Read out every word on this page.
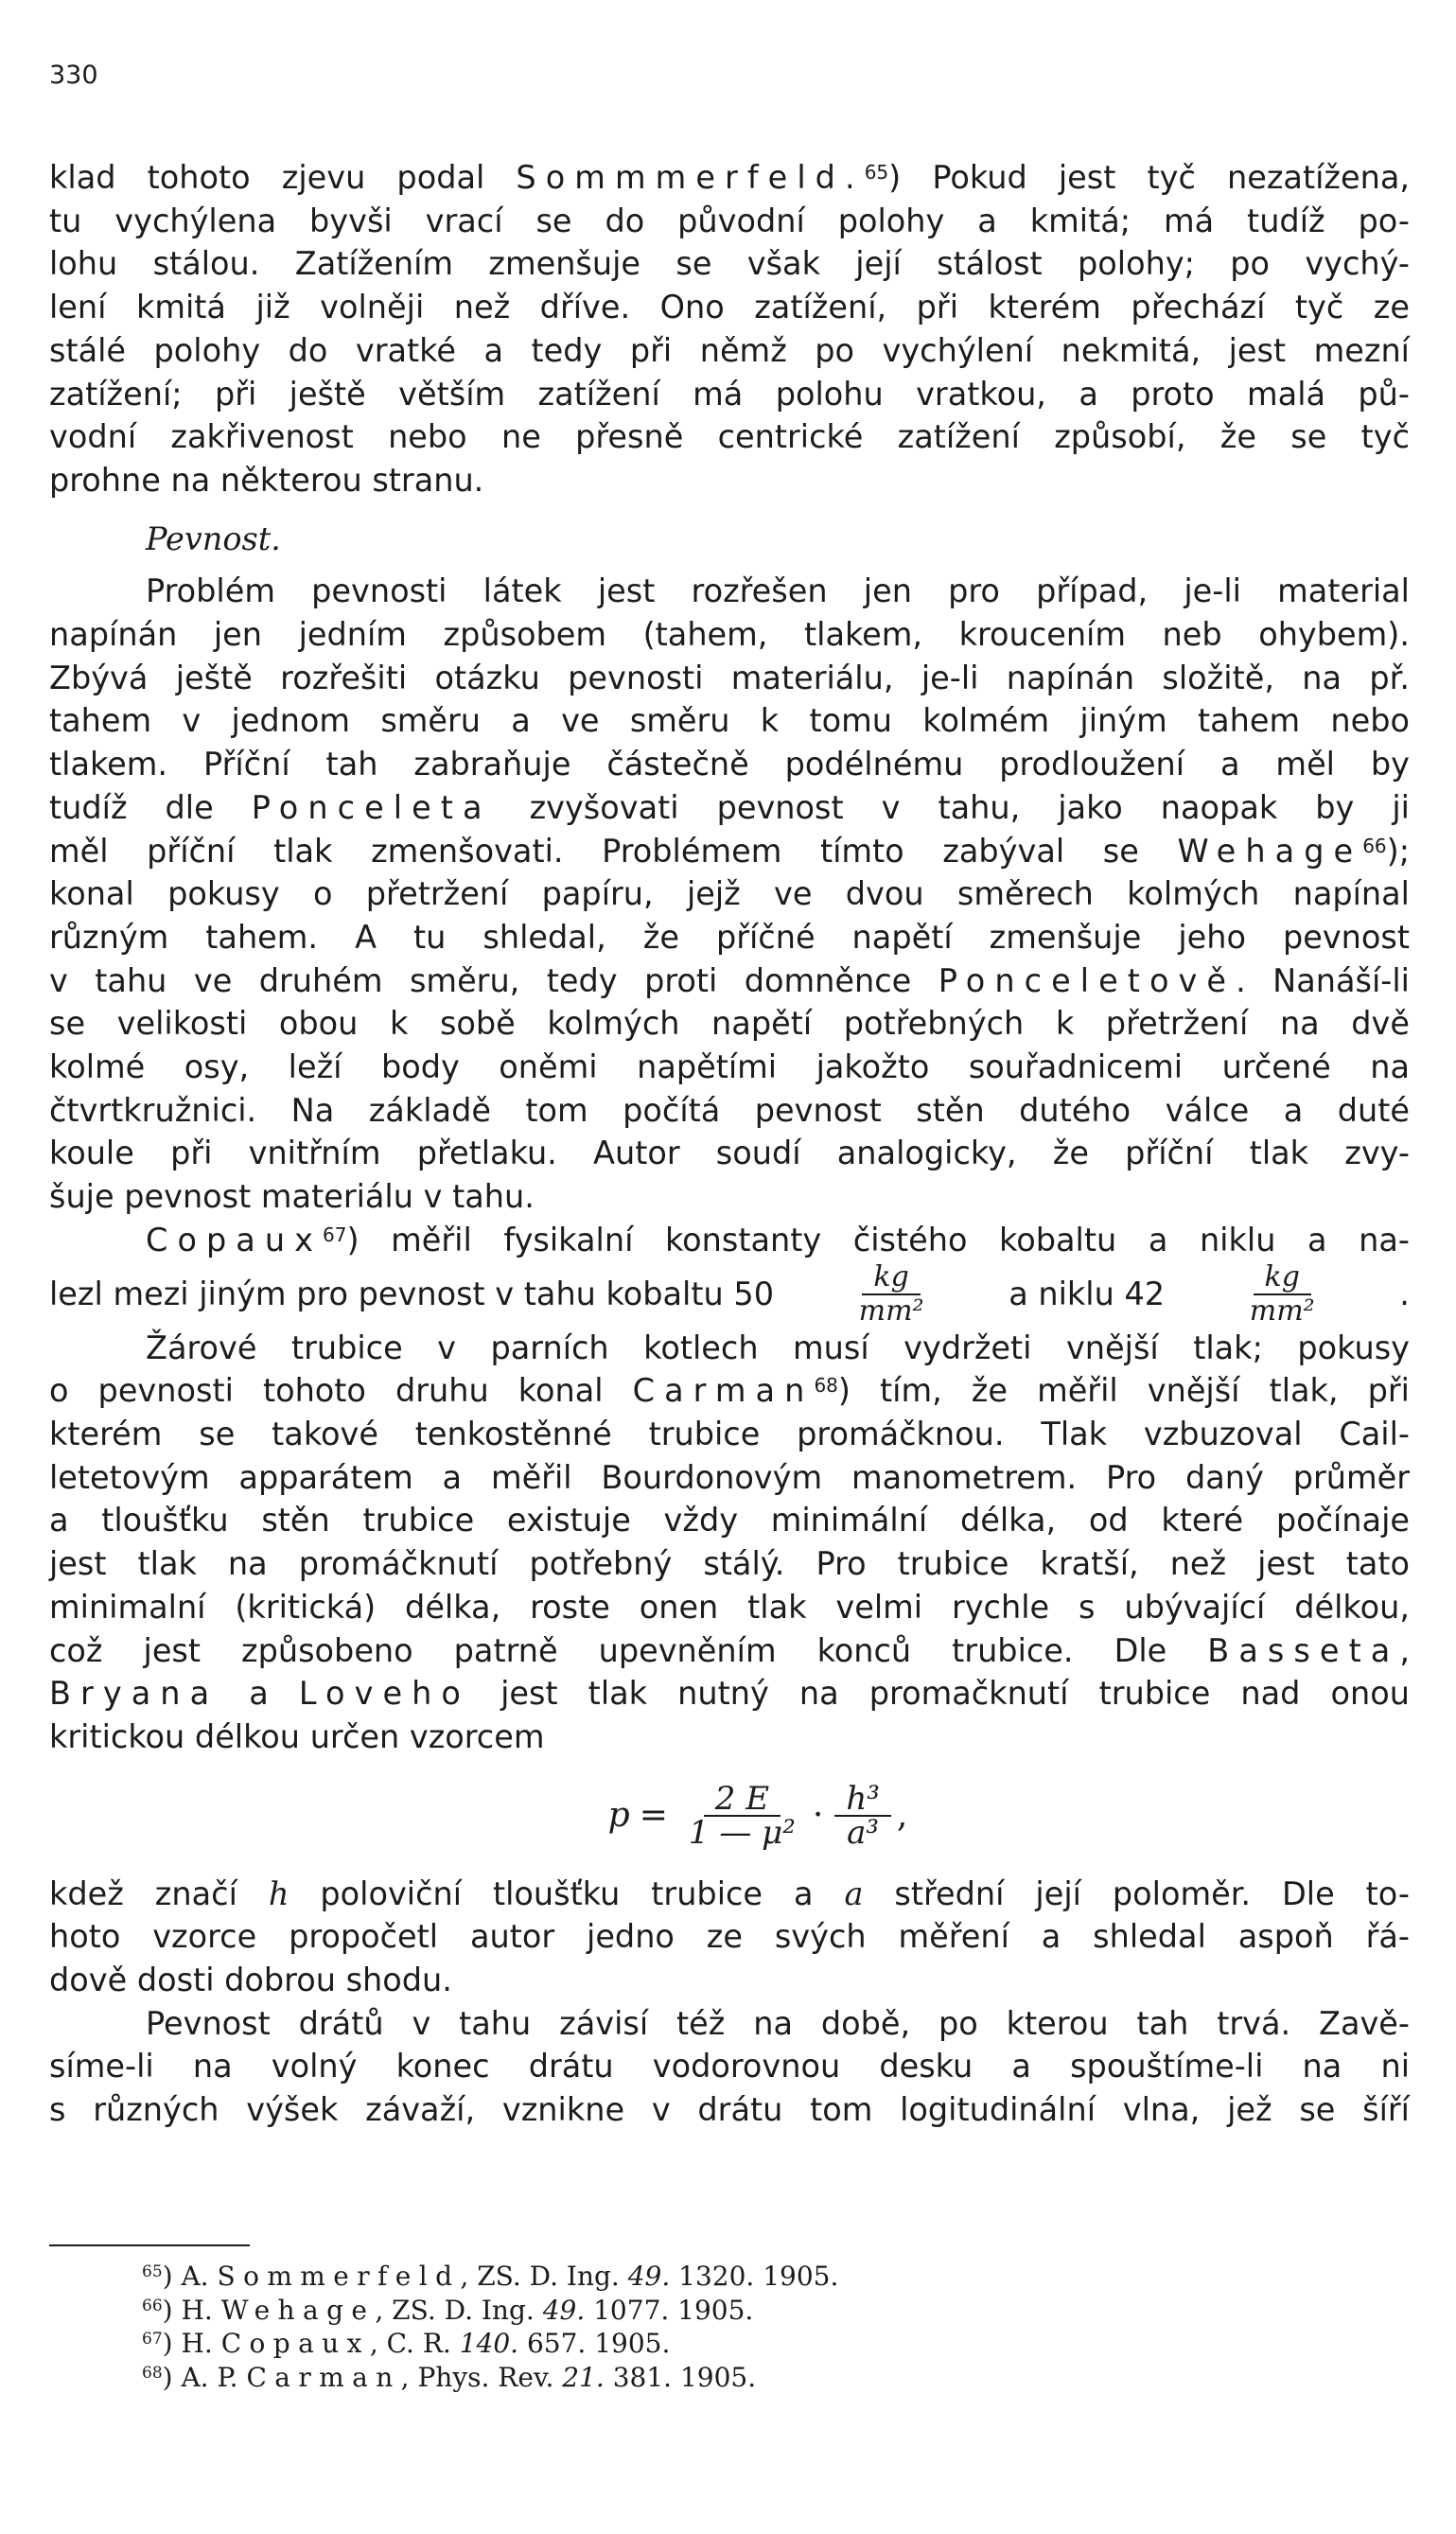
330
klad tohoto zjevu podal Sommmerfeld.$^{65}$) Pokud jest tyč nezatížena,
tu vychýlena byvši vrací se do původní polohy a kmitá; má tudíž po-
lohu stálou. Zatížením zmenšuje se však její stálost polohy; po vychý-
lení kmitá již volněji než dříve. Ono zatížení, při kterém přechází tyč ze
stálé polohy do vratké a tedy při němž po vychýlení nekmitá, jest mezní
zatížení; při ještě větším zatížení má polohu vratkou, a proto malá pů-
vodní zakřivenost nebo ne přesně centrické zatížení způsobí, že se tyč
prohne na některou stranu.
Pevnost.
Problém pevnosti látek jest rozřešen jen pro případ, je-li material
napínán jen jedním způsobem (tahem, tlakem, kroucením neb ohybem).
Zbývá ještě rozřešiti otázku pevnosti materiálu, je-li napínán složitě, na př.
tahem v jednom směru a ve směru k tomu kolmém jiným tahem nebo
tlakem. Příční tah zabraňuje částečně podélnému prodloužení a měl by
tudíž dle Ponceleta zvyšovati pevnost v tahu, jako naopak by ji
měl příční tlak zmenšovati. Problémem tímto zabýval se Wehage$^{66}$);
konal pokusy o přetržení papíru, jejž ve dvou směrech kolmých napínal
různým tahem. A tu shledal, že příčné napětí zmenšuje jeho pevnost
v tahu ve druhém směru, tedy proti domněnce Ponceletově. Nanáší-li
se velikosti obou k sobě kolmých napětí potřebných k přetržení na dvě
kolmé osy, leží body oněmi napětími jakožto souřadnicemi určené na
čtvrtkružnici. Na základě tom počítá pevnost stěn dutého válce a duté
koule při vnitřním přetlaku. Autor soudí analogicky, že příční tlak zvy-
šuje pevnost materiálu v tahu.
Copaux$^{67}$) měřil fysikalní konstanty čistého kobaltu a niklu a na-
lezl mezi jiným pro pevnost v tahu kobaltu 50	$\frac{kg}{\text{mm²}}$ a niklu 42	$\frac{kg}{\text{mm²}}$ .
Žárové trubice v parních kotlech musí vydržeti vnější tlak; pokusy
o pevnosti tohoto druhu konal Carman$^{68}$) tím, že měřil vnější tlak, při
kterém se takové tenkostěnné trubice promáčknou. Tlak vzbuzoval Cail-
letetovým apparátem a měřil Bourdonovým manometrem. Pro daný průměr
a tloušťku stěn trubice existuje vždy minimální délka, od které počínaje
jest tlak na promáčknutí potřebný stálý. Pro trubice kratší, než jest tato
minimalní (kritická) délka, roste onen tlak velmi rychle s ubývající délkou,
což jest způsobeno patrně upevněním konců trubice. Dle Basseta,
Bryana a Loveho jest tlak nutný na promačknutí trubice nad onou
kritickou délkou určen vzorcem
$p = \frac{2 E}{\text{1 — μ²}} \cdot \frac{\text{h³}}{\text{a³}}$ ,
kdež značí h poloviční tloušťku trubice a a střední její poloměr. Dle to-
hoto vzorce propočetl autor jedno ze svých měření a shledal aspoň řá-
dově dosti dobrou shodu.
Pevnost drátů v tahu závisí též na době, po kterou tah trvá. Zavě-
síme-li na volný konec drátu vodorovnou desku a spouštíme-li na ni
s různých výšek závaží, vznikne v drátu tom logitudinální vlna, jež se šíří
$^{65}$) A. Sommerfeld, ZS. D. Ing. 49. 1320. 1905.
$^{66}$) H. Wehage, ZS. D. Ing. 49. 1077. 1905.
$^{67}$) H. Copaux, C. R. 140. 657. 1905.
$^{68}$) A. P. Carman, Phys. Rev. 21. 381. 1905.
